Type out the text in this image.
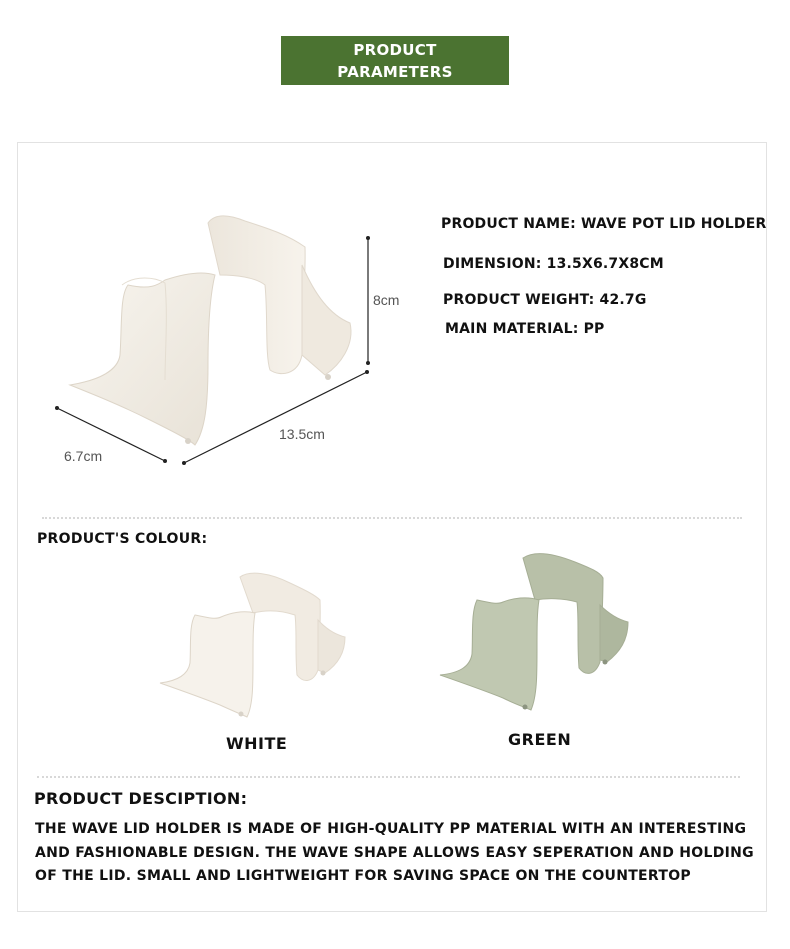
PRODUCT
PARAMETERS
8cm
13.5cm
6.7cm
PRODUCT NAME: WAVE POT LID HOLDER
DIMENSION: 13.5X6.7X8CM
PRODUCT WEIGHT: 42.7G
MAIN MATERIAL: PP
PRODUCT'S COLOUR:
WHITE	GREEN
PRODUCT DESCIPTION:
THE WAVE LID HOLDER IS MADE OF HIGH-QUALITY PP MATERIAL WITH AN INTERESTING AND FASHIONABLE DESIGN. THE WAVE SHAPE ALLOWS EASY SEPERATION AND HOLDING OF THE LID. SMALL AND LIGHTWEIGHT FOR SAVING SPACE ON THE COUNTERTOP
